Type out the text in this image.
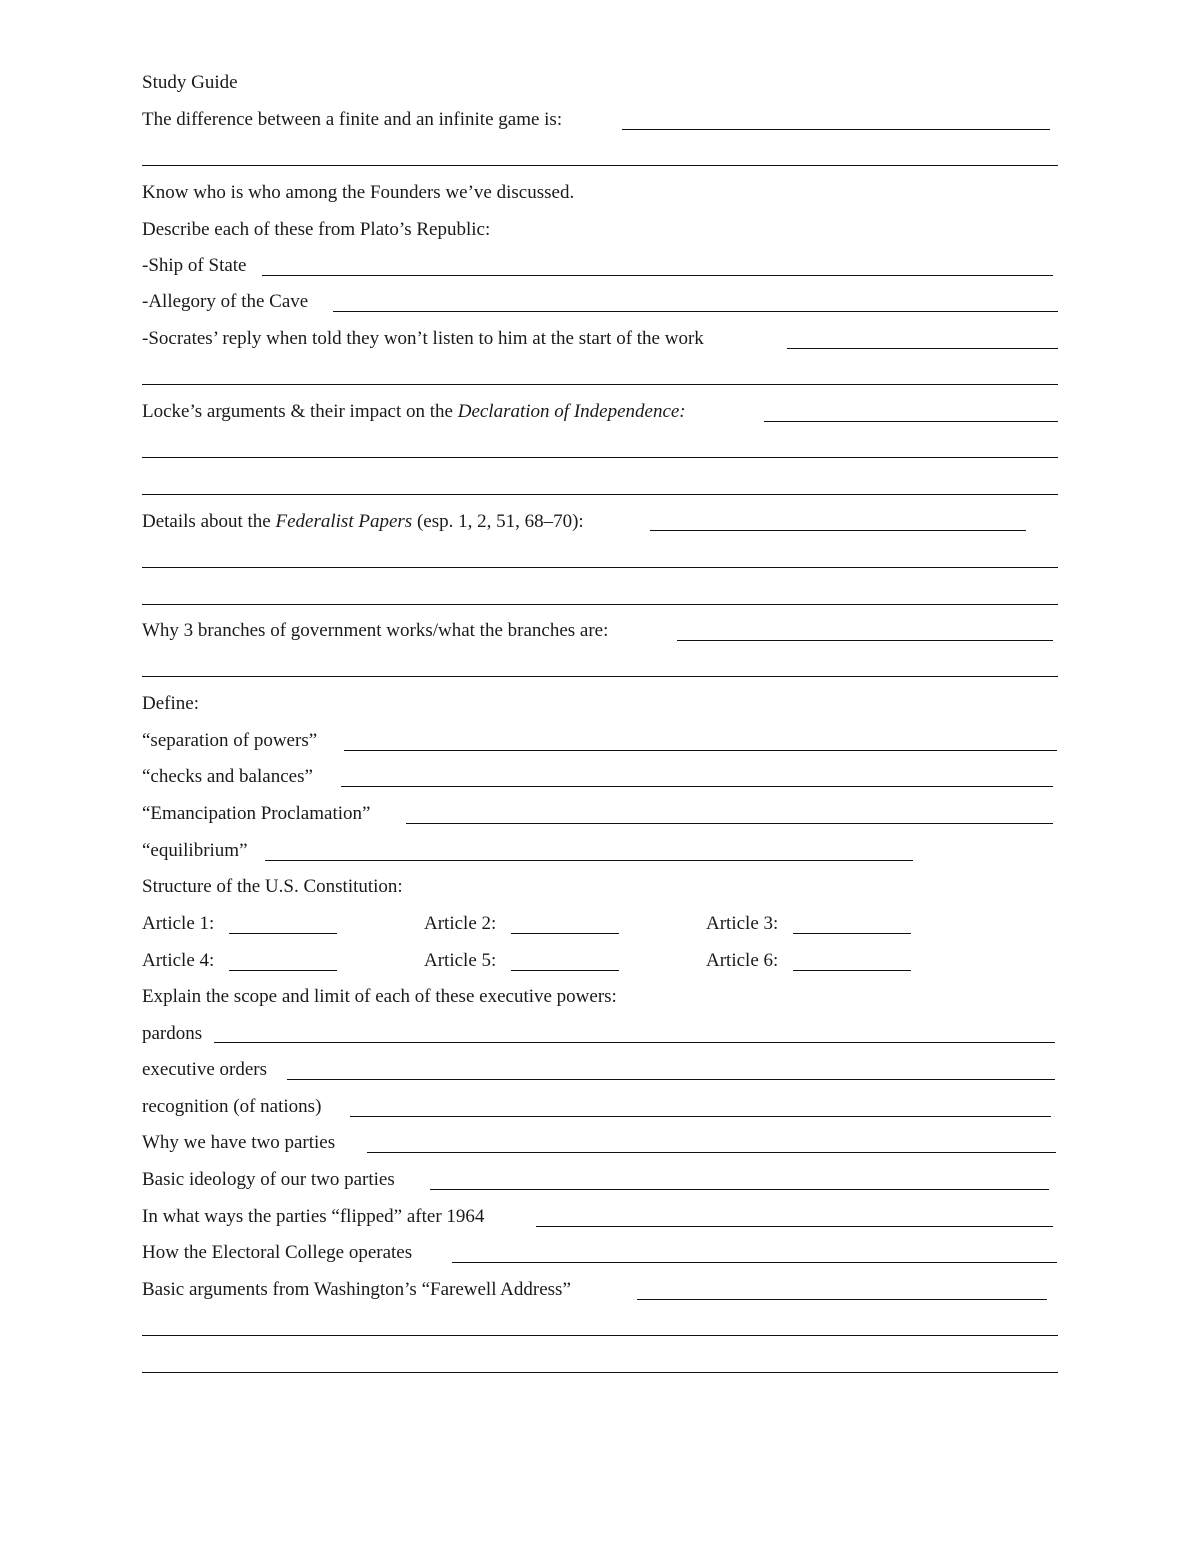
Study Guide
The difference between a finite and an infinite game is:
Know who is who among the Founders we’ve discussed.
Describe each of these from Plato’s Republic:
-Ship of State
-Allegory of the Cave
-Socrates’ reply when told they won’t listen to him at the start of the work
Locke’s arguments & their impact on the Declaration of Independence:
Details about the Federalist Papers (esp. 1, 2, 51, 68–70):
Why 3 branches of government works/what the branches are:
Define:
“separation of powers”
“checks and balances”
“Emancipation Proclamation”
“equilibrium”
Structure of the U.S. Constitution:
Article 1:	Article 2:	Article 3:
Article 4:	Article 5:	Article 6:
Explain the scope and limit of each of these executive powers:
pardons
executive orders
recognition (of nations)
Why we have two parties
Basic ideology of our two parties
In what ways the parties “flipped” after 1964
How the Electoral College operates
Basic arguments from Washington’s “Farewell Address”
